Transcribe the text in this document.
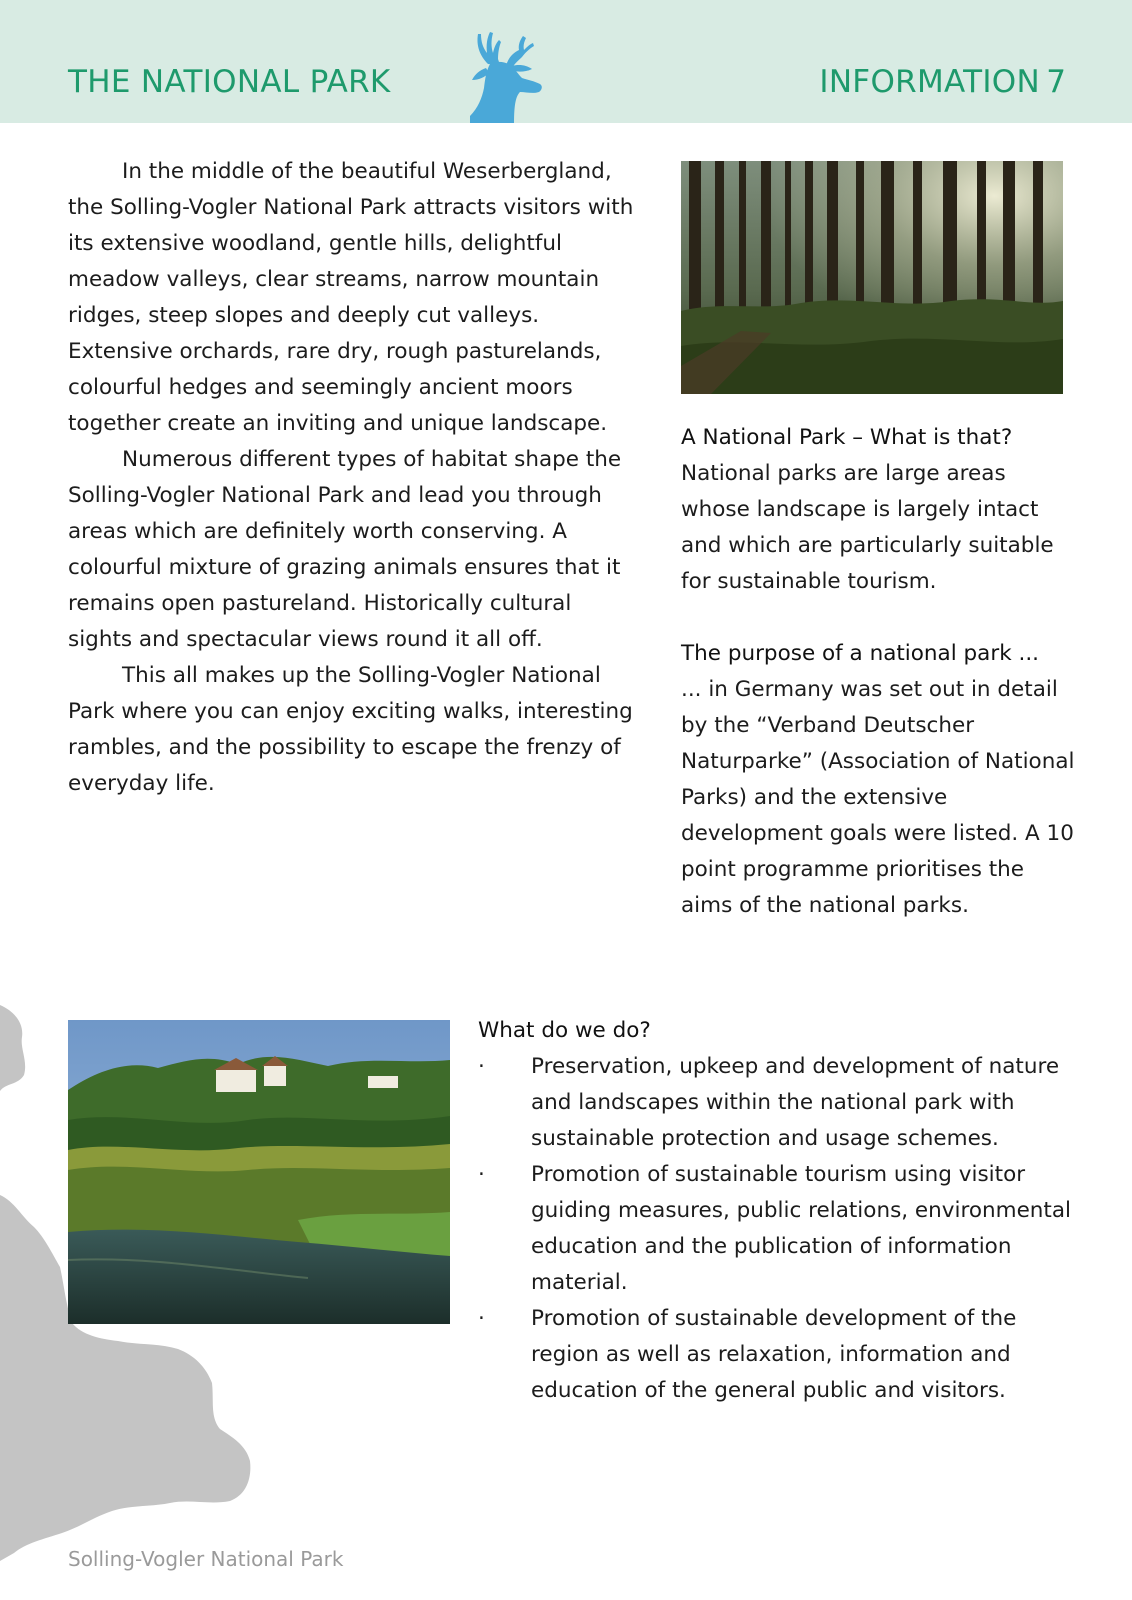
THE NATIONAL PARK	INFORMATION 7

In the middle of the beautiful Weserbergland, the Solling-Vogler National Park attracts visitors with its extensive woodland, gentle hills, delightful meadow valleys, clear streams, narrow mountain ridges, steep slopes and deeply cut valleys. Extensive orchards, rare dry, rough pasturelands, colourful hedges and seemingly ancient moors together create an inviting and unique landscape.

Numerous different types of habitat shape the Solling-Vogler National Park and lead you through areas which are definitely worth conserving. A colourful mixture of grazing animals ensures that it remains open pastureland. Historically cultural sights and spectacular views round it all off.

This all makes up the Solling-Vogler National Park where you can enjoy exciting walks, interesting rambles, and the possibility to escape the frenzy of everyday life.

A National Park – What is that?

National parks are large areas whose landscape is largely intact and which are particularly suitable for sustainable tourism.

The purpose of a national park ...

... in Germany was set out in detail by the “Verband Deutscher Naturparke” (Association of National Parks) and the extensive development goals were listed. A 10 point programme prioritises the aims of the national parks.

What do we do?

· Preservation, upkeep and development of nature and landscapes within the national park with sustainable protection and usage schemes.
· Promotion of sustainable tourism using visitor guiding measures, public relations, environmental education and the publication of information material.
· Promotion of sustainable development of the region as well as relaxation, information and education of the general public and visitors.
Solling-Vogler National Park
